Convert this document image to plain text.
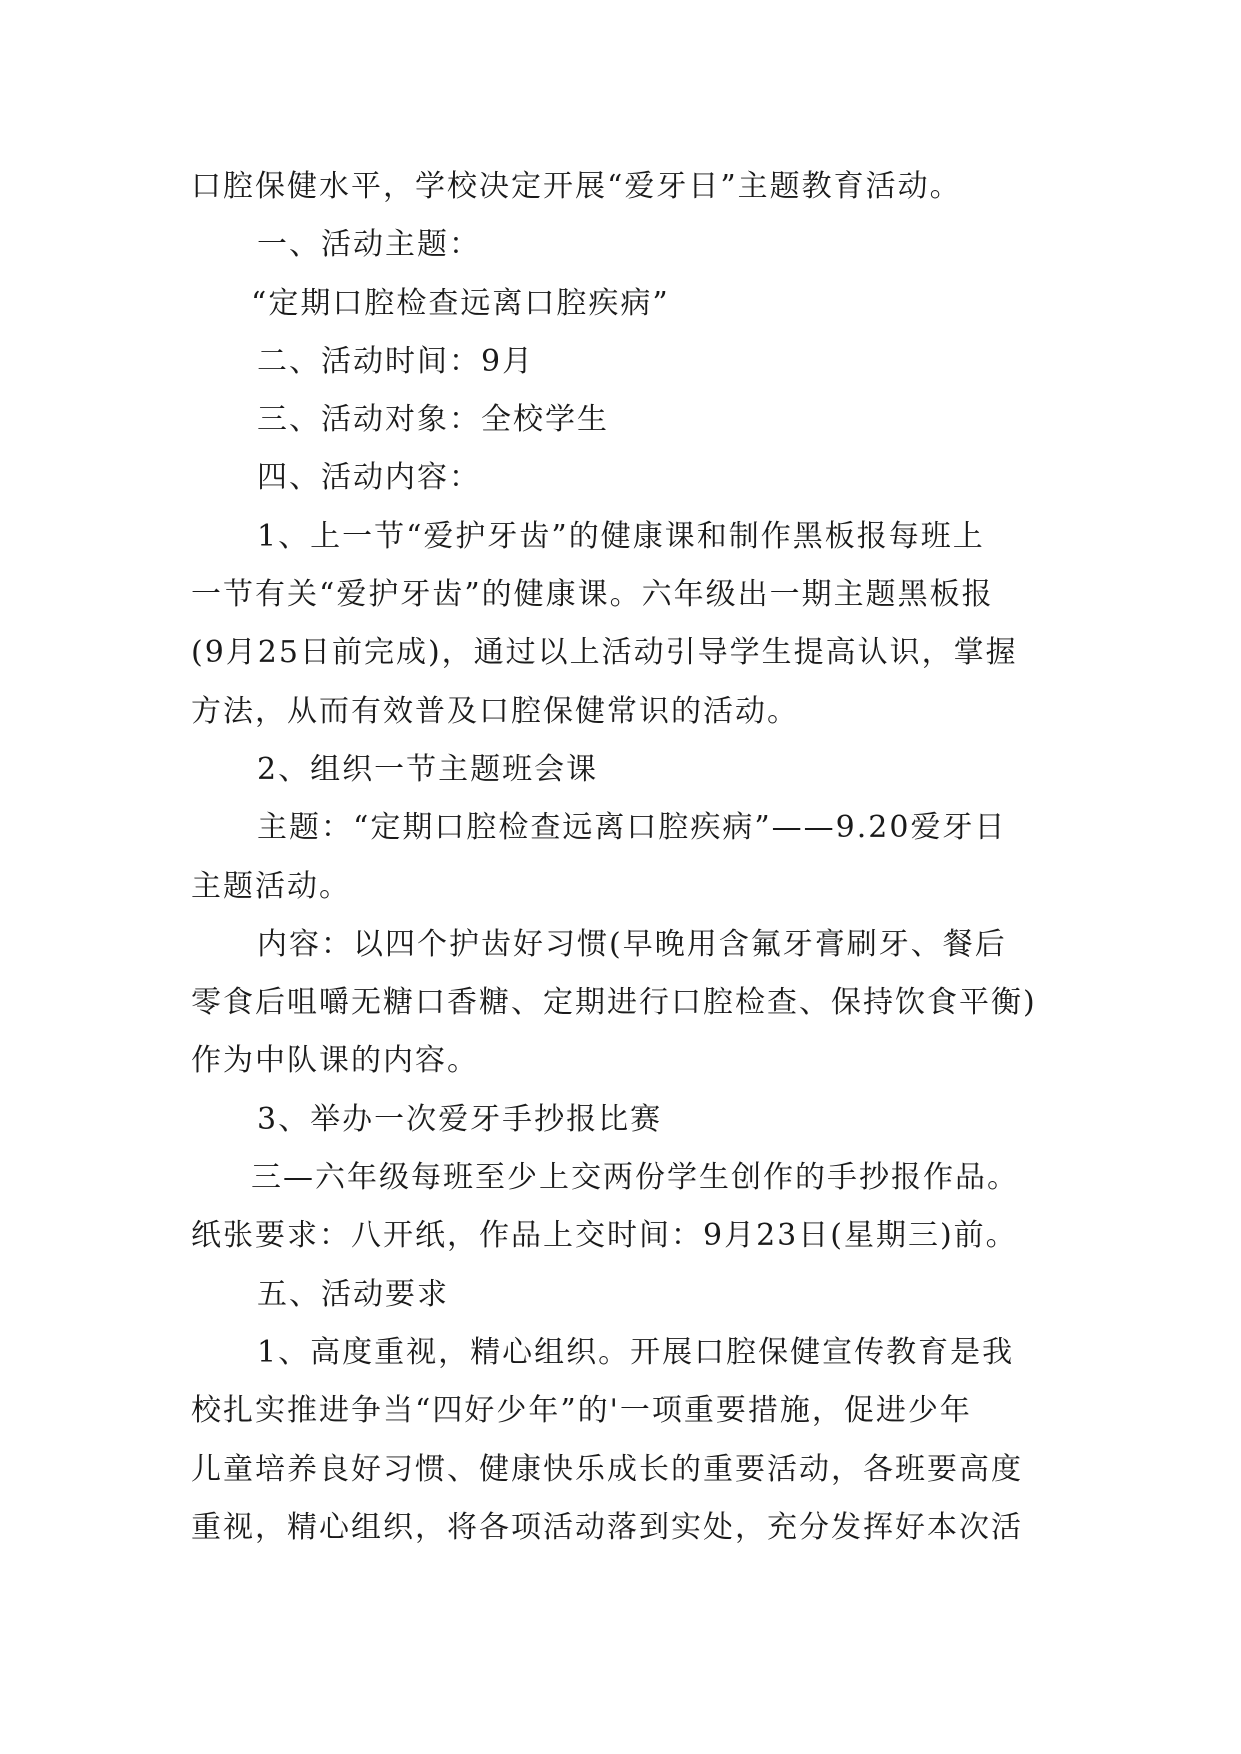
口腔保健水平，学校决定开展“爱牙日”主题教育活动。
一、活动主题：
“定期口腔检查远离口腔疾病”
二、活动时间：9月
三、活动对象：全校学生
四、活动内容：
1、上一节“爱护牙齿”的健康课和制作黑板报每班上
一节有关“爱护牙齿”的健康课。六年级出一期主题黑板报
(9月25日前完成)，通过以上活动引导学生提高认识，掌握
方法，从而有效普及口腔保健常识的活动。
2、组织一节主题班会课
主题：“定期口腔检查远离口腔疾病”——9.20爱牙日
主题活动。
内容：以四个护齿好习惯(早晚用含氟牙膏刷牙、餐后
零食后咀嚼无糖口香糖、定期进行口腔检查、保持饮食平衡)
作为中队课的内容。
3、举办一次爱牙手抄报比赛
三—六年级每班至少上交两份学生创作的手抄报作品。
纸张要求：八开纸，作品上交时间：9月23日(星期三)前。
五、活动要求
1、高度重视，精心组织。开展口腔保健宣传教育是我
校扎实推进争当“四好少年”的'一项重要措施，促进少年
儿童培养良好习惯、健康快乐成长的重要活动，各班要高度
重视，精心组织，将各项活动落到实处，充分发挥好本次活
